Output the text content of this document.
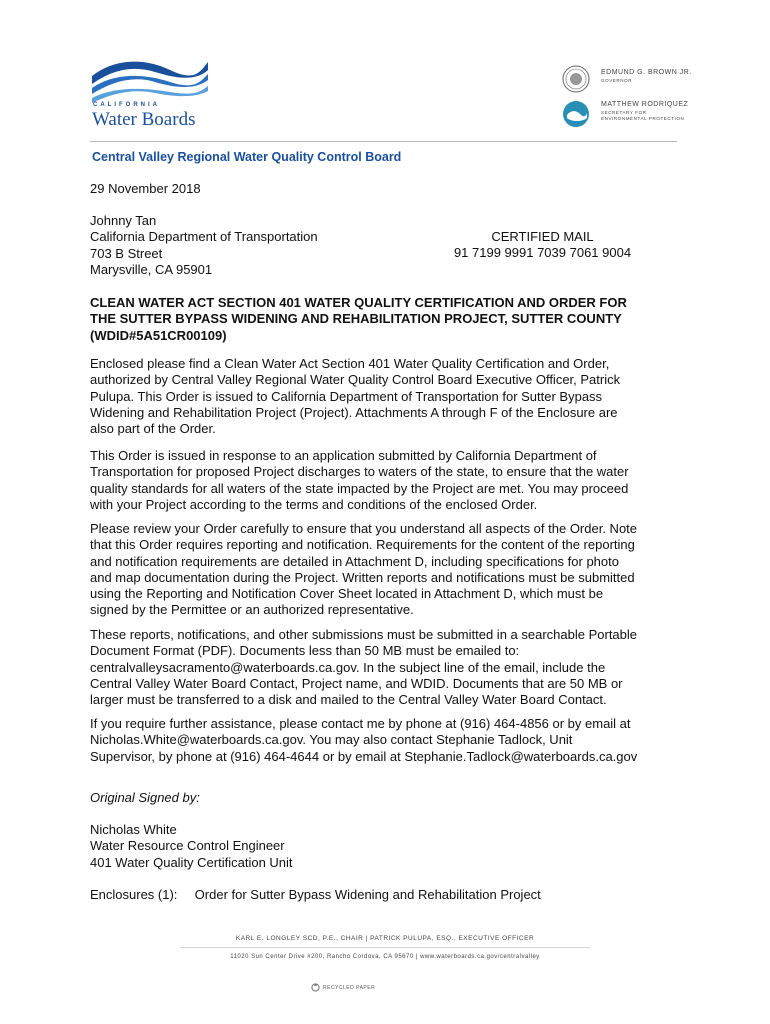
CALIFORNIA
Water Boards
EDMUND G. BROWN JR.
GOVERNOR
MATTHEW RODRIQUEZ
SECRETARY FOR ENVIRONMENTAL PROTECTION
Central Valley Regional Water Quality Control Board
29 November 2018
Johnny Tan
California Department of Transportation
703 B Street
Marysville, CA 95901
CERTIFIED MAIL
91 7199 9991 7039 7061 9004
CLEAN WATER ACT SECTION 401 WATER QUALITY CERTIFICATION AND ORDER FOR
THE SUTTER BYPASS WIDENING AND REHABILITATION PROJECT, SUTTER COUNTY
(WDID#5A51CR00109)
Enclosed please find a Clean Water Act Section 401 Water Quality Certification and Order,
authorized by Central Valley Regional Water Quality Control Board Executive Officer, Patrick
Pulupa. This Order is issued to California Department of Transportation for Sutter Bypass
Widening and Rehabilitation Project (Project). Attachments A through F of the Enclosure are
also part of the Order.
This Order is issued in response to an application submitted by California Department of
Transportation for proposed Project discharges to waters of the state, to ensure that the water
quality standards for all waters of the state impacted by the Project are met. You may proceed
with your Project according to the terms and conditions of the enclosed Order.
Please review your Order carefully to ensure that you understand all aspects of the Order. Note
that this Order requires reporting and notification. Requirements for the content of the reporting
and notification requirements are detailed in Attachment D, including specifications for photo
and map documentation during the Project. Written reports and notifications must be submitted
using the Reporting and Notification Cover Sheet located in Attachment D, which must be
signed by the Permittee or an authorized representative.
These reports, notifications, and other submissions must be submitted in a searchable Portable
Document Format (PDF). Documents less than 50 MB must be emailed to:
centralvalleysacramento@waterboards.ca.gov. In the subject line of the email, include the
Central Valley Water Board Contact, Project name, and WDID. Documents that are 50 MB or
larger must be transferred to a disk and mailed to the Central Valley Water Board Contact.
If you require further assistance, please contact me by phone at (916) 464-4856 or by email at
Nicholas.White@waterboards.ca.gov. You may also contact Stephanie Tadlock, Unit
Supervisor, by phone at (916) 464-4644 or by email at Stephanie.Tadlock@waterboards.ca.gov
Original Signed by:
Nicholas White
Water Resource Control Engineer
401 Water Quality Certification Unit
Enclosures (1): Order for Sutter Bypass Widening and Rehabilitation Project
KARL E. LONGLEY SCD, P.E., CHAIR | PATRICK PULUPA, ESQ., EXECUTIVE OFFICER
11020 Sun Center Drive #200, Rancho Cordova, CA 95670 | www.waterboards.ca.gov/centralvalley
RECYCLED PAPER
